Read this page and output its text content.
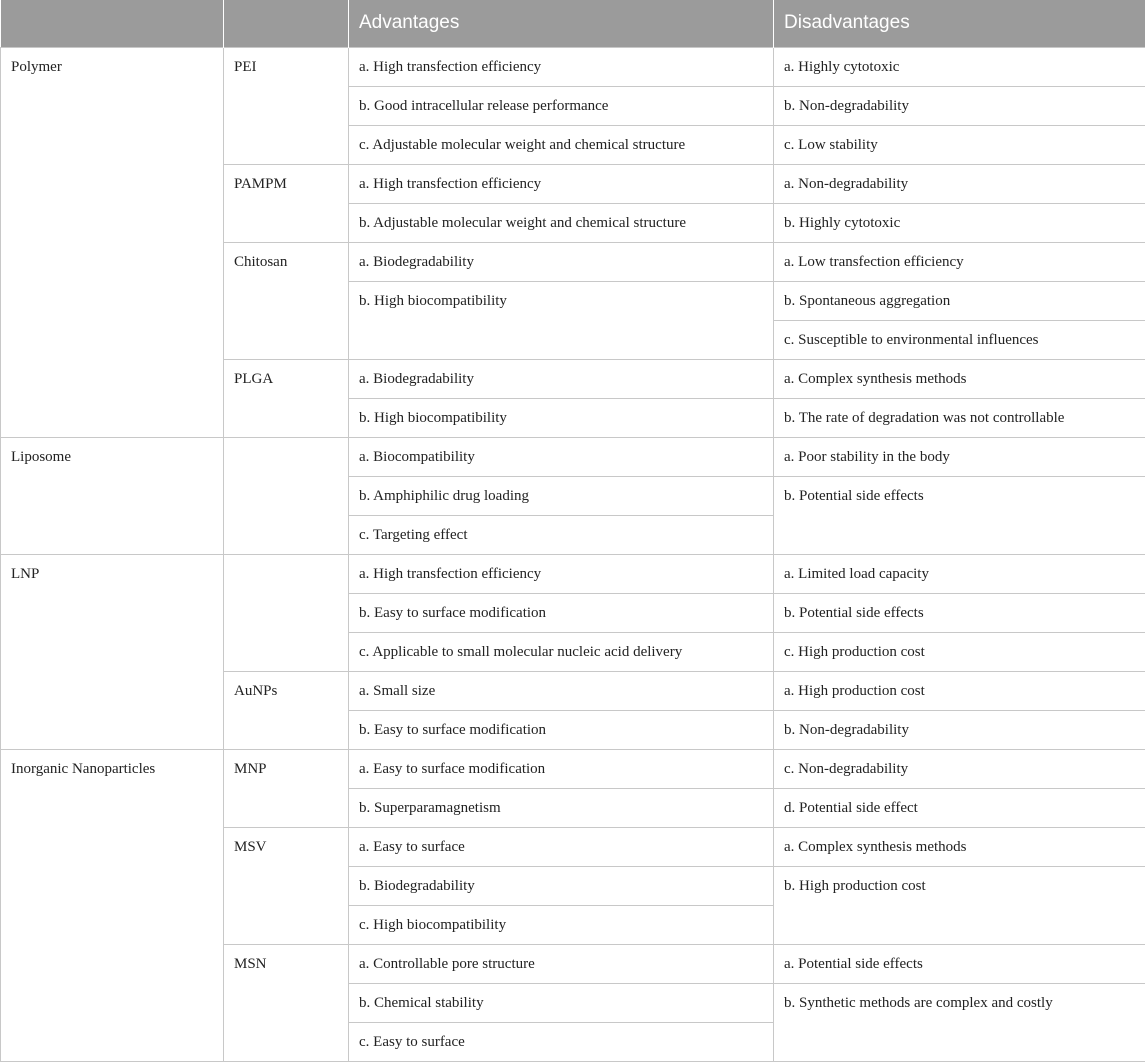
		Advantages	Disadvantages
Polymer	PEI	a. High transfection efficiency	a. Highly cytotoxic
		b. Good intracellular release performance	b. Non-degradability
		c. Adjustable molecular weight and chemical structure	c. Low stability
	PAMPM	a. High transfection efficiency	a. Non-degradability
		b. Adjustable molecular weight and chemical structure	b. Highly cytotoxic
	Chitosan	a. Biodegradability	a. Low transfection efficiency
		b. High biocompatibility	b. Spontaneous aggregation
			c. Susceptible to environmental influences
	PLGA	a. Biodegradability	a. Complex synthesis methods
		b. High biocompatibility	b. The rate of degradation was not controllable
Liposome		a. Biocompatibility	a. Poor stability in the body
		b. Amphiphilic drug loading	b. Potential side effects
		c. Targeting effect	
LNP		a. High transfection efficiency	a. Limited load capacity
		b. Easy to surface modification	b. Potential side effects
		c. Applicable to small molecular nucleic acid delivery	c. High production cost
	AuNPs	a. Small size	a. High production cost
		b. Easy to surface modification	b. Non-degradability
Inorganic Nanoparticles	MNP	a. Easy to surface modification	c. Non-degradability
		b. Superparamagnetism	d. Potential side effect
	MSV	a. Easy to surface	a. Complex synthesis methods
		b. Biodegradability	b. High production cost
		c. High biocompatibility	
	MSN	a. Controllable pore structure	a. Potential side effects
		b. Chemical stability	b. Synthetic methods are complex and costly
		c. Easy to surface	
